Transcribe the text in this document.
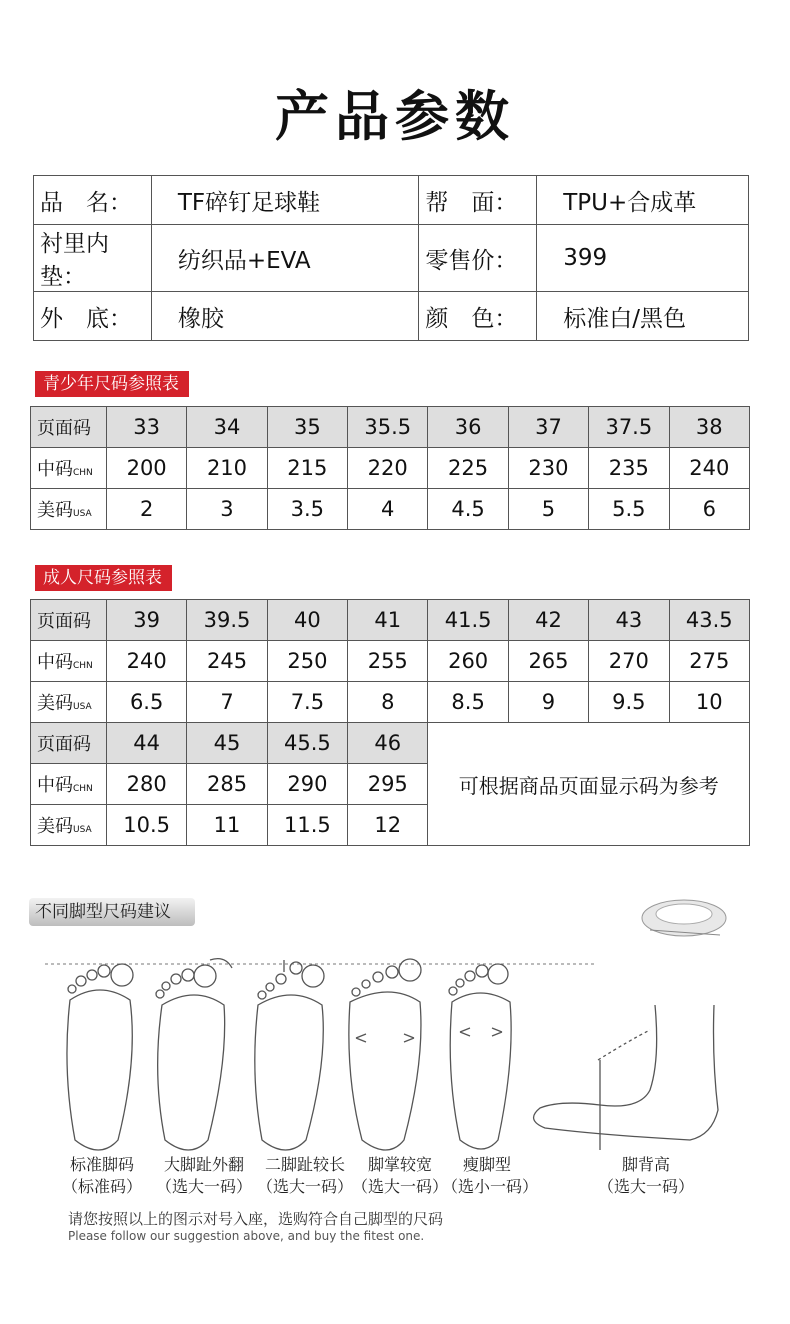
产品参数
品　名：	TF碎钉足球鞋	帮　面：	TPU+合成革
衬里内垫：	纺织品+EVA	零售价：	399
外　底：	橡胶	颜　色：	标准白/黑色
青少年尺码参照表
页面码	33	34	35	35.5	36	37	37.5	38
中码CHN	200	210	215	220	225	230	235	240
美码USA	2	3	3.5	4	4.5	5	5.5	6
成人尺码参照表
页面码	39	39.5	40	41	41.5	42	43	43.5
中码CHN	240	245	250	255	260	265	270	275
美码USA	6.5	7	7.5	8	8.5	9	9.5	10
页面码	44	45	45.5	46	可根据商品页面显示码为参考			
中码CHN	280	285	290	295				
美码USA	10.5	11	11.5	12				
不同脚型尺码建议
标准脚码
（标准码）
大脚趾外翻
（选大一码）
二脚趾较长
（选大一码）
脚掌较宽
（选大一码）
瘦脚型
（选小一码）
脚背高
（选大一码）
请您按照以上的图示对号入座，选购符合自己脚型的尺码
Please follow our suggestion above, and buy the fitest one.
